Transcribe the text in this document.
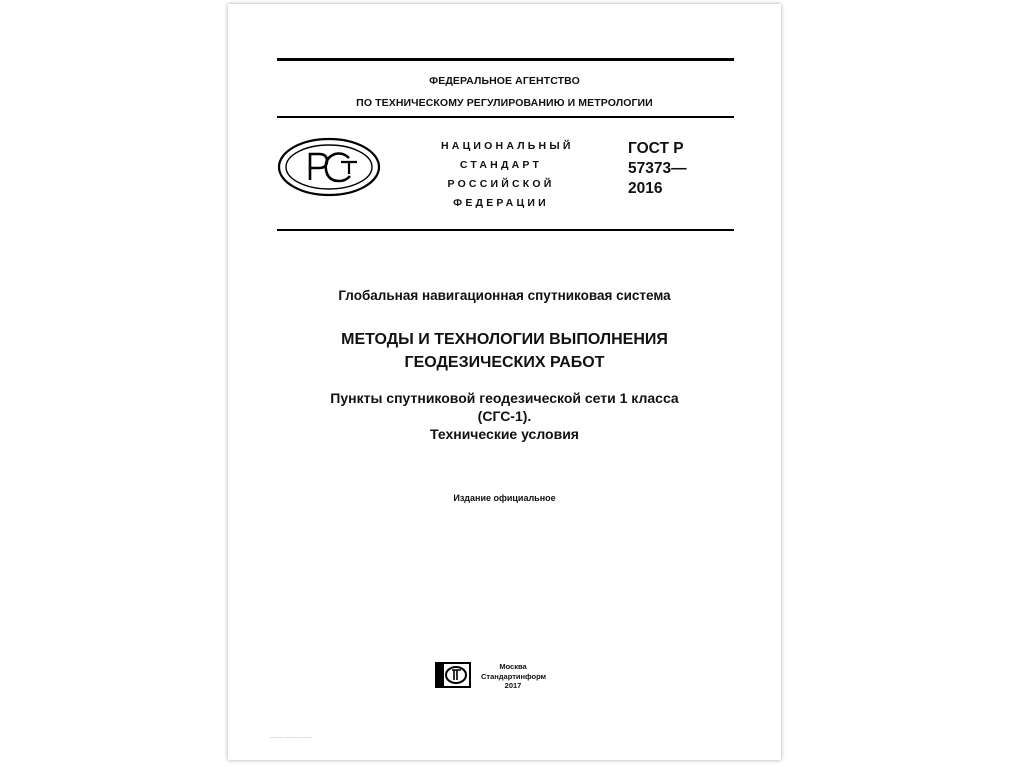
ФЕДЕРАЛЬНОЕ АГЕНТСТВО
ПО ТЕХНИЧЕСКОМУ РЕГУЛИРОВАНИЮ И МЕТРОЛОГИИ
НАЦИОНАЛЬНЫЙ
СТАНДАРТ
РОССИЙСКОЙ
ФЕДЕРАЦИИ
ГОСТ Р
57373—
2016
Глобальная навигационная спутниковая система
МЕТОДЫ И ТЕХНОЛОГИИ ВЫПОЛНЕНИЯ
ГЕОДЕЗИЧЕСКИХ РАБОТ
Пункты спутниковой геодезической сети 1 класса
(СГС-1).
Технические условия
Издание официальное
Москва
Стандартинформ
2017
________ ________ ________
